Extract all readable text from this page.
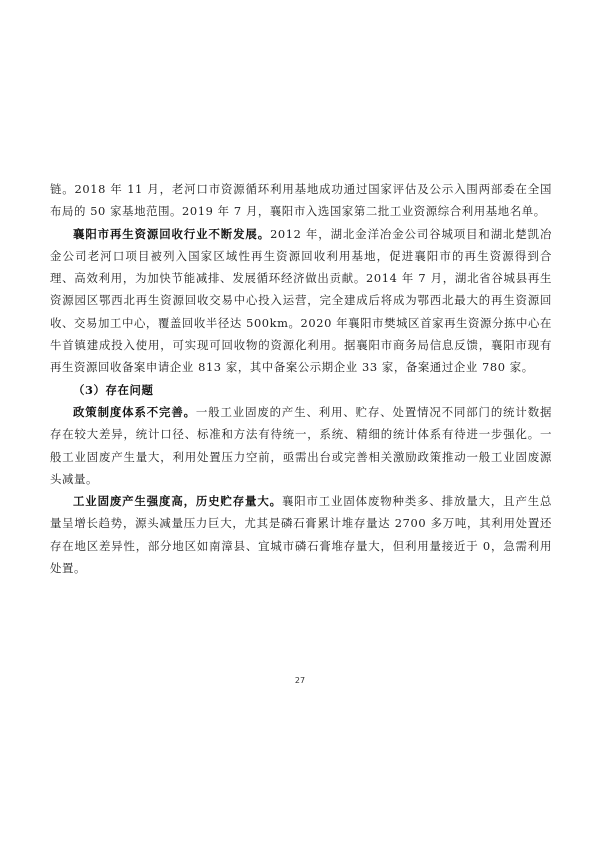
链。2018 年 11 月，老河口市资源循环利用基地成功通过国家评估及公示入围两部委在全国布局的 50 家基地范围。2019 年 7 月，襄阳市入选国家第二批工业资源综合利用基地名单。

襄阳市再生资源回收行业不断发展。2012 年，湖北金洋冶金公司谷城项目和湖北楚凯冶金公司老河口项目被列入国家区域性再生资源回收利用基地，促进襄阳市的再生资源得到合理、高效利用，为加快节能减排、发展循环经济做出贡献。2014 年 7 月，湖北省谷城县再生资源园区鄂西北再生资源回收交易中心投入运营，完全建成后将成为鄂西北最大的再生资源回收、交易加工中心，覆盖回收半径达 500km。2020 年襄阳市樊城区首家再生资源分拣中心在牛首镇建成投入使用，可实现可回收物的资源化利用。据襄阳市商务局信息反馈，襄阳市现有再生资源回收备案申请企业 813 家，其中备案公示期企业 33 家，备案通过企业 780 家。

（3）存在问题

政策制度体系不完善。一般工业固废的产生、利用、贮存、处置情况不同部门的统计数据存在较大差异，统计口径、标准和方法有待统一，系统、精细的统计体系有待进一步强化。一般工业固废产生量大，利用处置压力空前，亟需出台或完善相关激励政策推动一般工业固废源头减量。

工业固废产生强度高，历史贮存量大。襄阳市工业固体废物种类多、排放量大，且产生总量呈增长趋势，源头减量压力巨大，尤其是磷石膏累计堆存量达 2700 多万吨，其利用处置还存在地区差异性，部分地区如南漳县、宜城市磷石膏堆存量大，但利用量接近于 0，急需利用处置。

27
